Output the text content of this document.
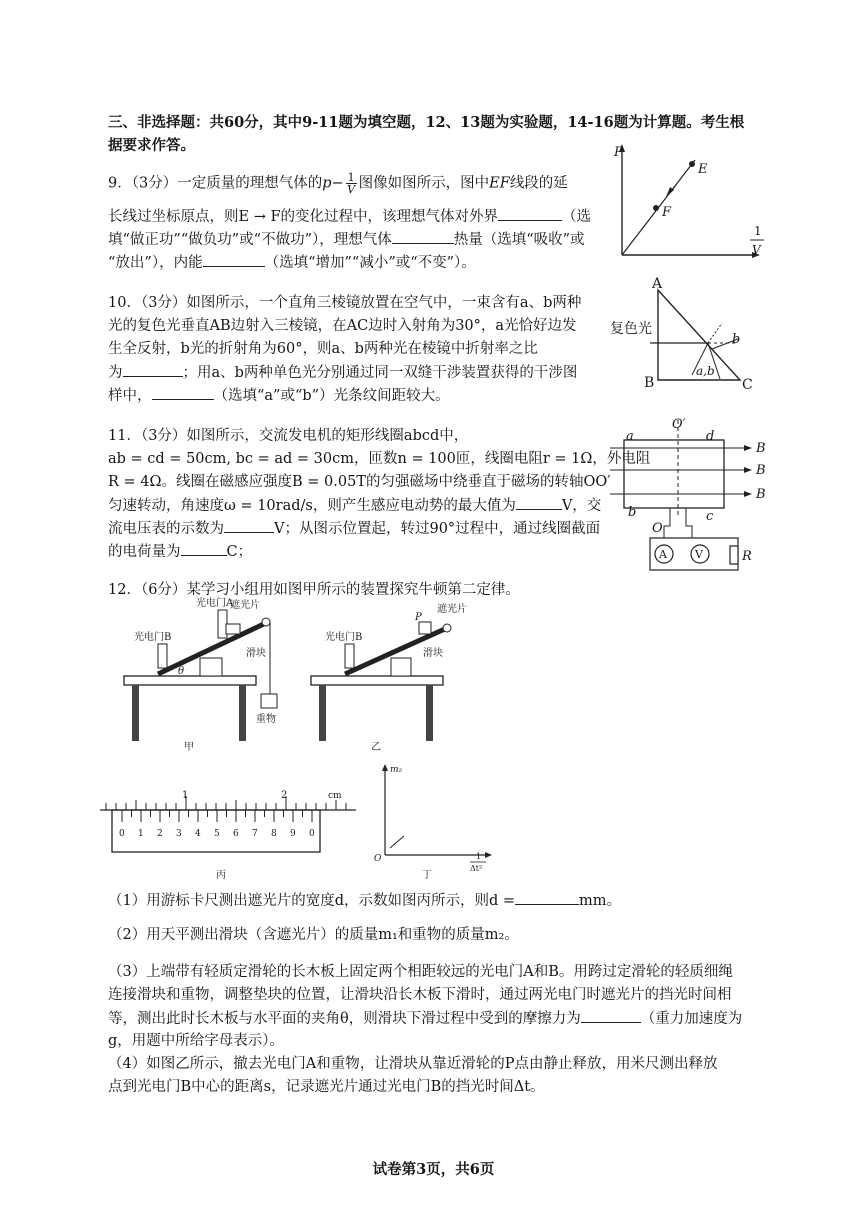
三、非选择题：共60分，其中9-11题为填空题，12、13题为实验题，14-16题为计算题。考生根
据要求作答。
9．（3分）一定质量的理想气体的$p- \frac{1}{V}$ 图像如图所示，图中EF线段的延
长线过坐标原点，则E → F的变化过程中，该理想气体对外界	（选
填“做正功”“做负功”或“不做功”），理想气体	热量（选填“吸收”或
“放出”），内能	（选填“增加”“减小”或“不变”）。
P
E
F
1
V
10．（3分）如图所示，一个直角三棱镜放置在空气中，一束含有a、b两种
光的复色光垂直AB边射入三棱镜，在AC边时入射角为30°，a光恰好边发
生全反射，b光的折射角为60°，则a、b两种光在棱镜中折射率之比
为	；用a、b两种单色光分别通过同一双缝干涉装置获得的干涉图
样中，	（选填“a”或“b”）光条纹间距较大。
A
B	C
复色光
b
a,b
11．（3分）如图所示，交流发电机的矩形线圈abcd中，
ab = cd = 50cm, bc = ad = 30cm，匝数n = 100匝，线圈电阻r = 1Ω，外电阻
R = 4Ω。线圈在磁感应强度B = 0.05T的匀强磁场中绕垂直于磁场的转轴OO′
匀速转动，角速度ω = 10rad/s，则产生感应电动势的最大值为	V，交
流电压表的示数为	V；从图示位置起，转过90°过程中，通过线圈截面
的电荷量为	C；
O′
a	d
B
B
B
b	c
O
A	V	R
12．（6分）某学习小组用如图甲所示的装置探究牛顿第二定律。
光电门A
遮光片
光电门B
滑块
θ
重物
甲
光电门B
遮光片
P
滑块
乙
1	2	cm
0 1 2 3 4 5 6 7 8 9 0
丙
m₂
O	1
Δt²
丁
（1）用游标卡尺测出遮光片的宽度d，示数如图丙所示，则d =	mm。
（2）用天平测出滑块（含遮光片）的质量m₁和重物的质量m₂。
（3）上端带有轻质定滑轮的长木板上固定两个相距较远的光电门A和B。用跨过定滑轮的轻质细绳
连接滑块和重物，调整垫块的位置，让滑块沿长木板下滑时，通过两光电门时遮光片的挡光时间相
等，测出此时长木板与水平面的夹角θ，则滑块下滑过程中受到的摩擦力为	（重力加速度为
g，用题中所给字母表示）。
（4）如图乙所示，撤去光电门A和重物，让滑块从靠近滑轮的P点由静止释放，用米尺测出释放
点到光电门B中心的距离s，记录遮光片通过光电门B的挡光时间Δt。
试卷第3页，共6页
